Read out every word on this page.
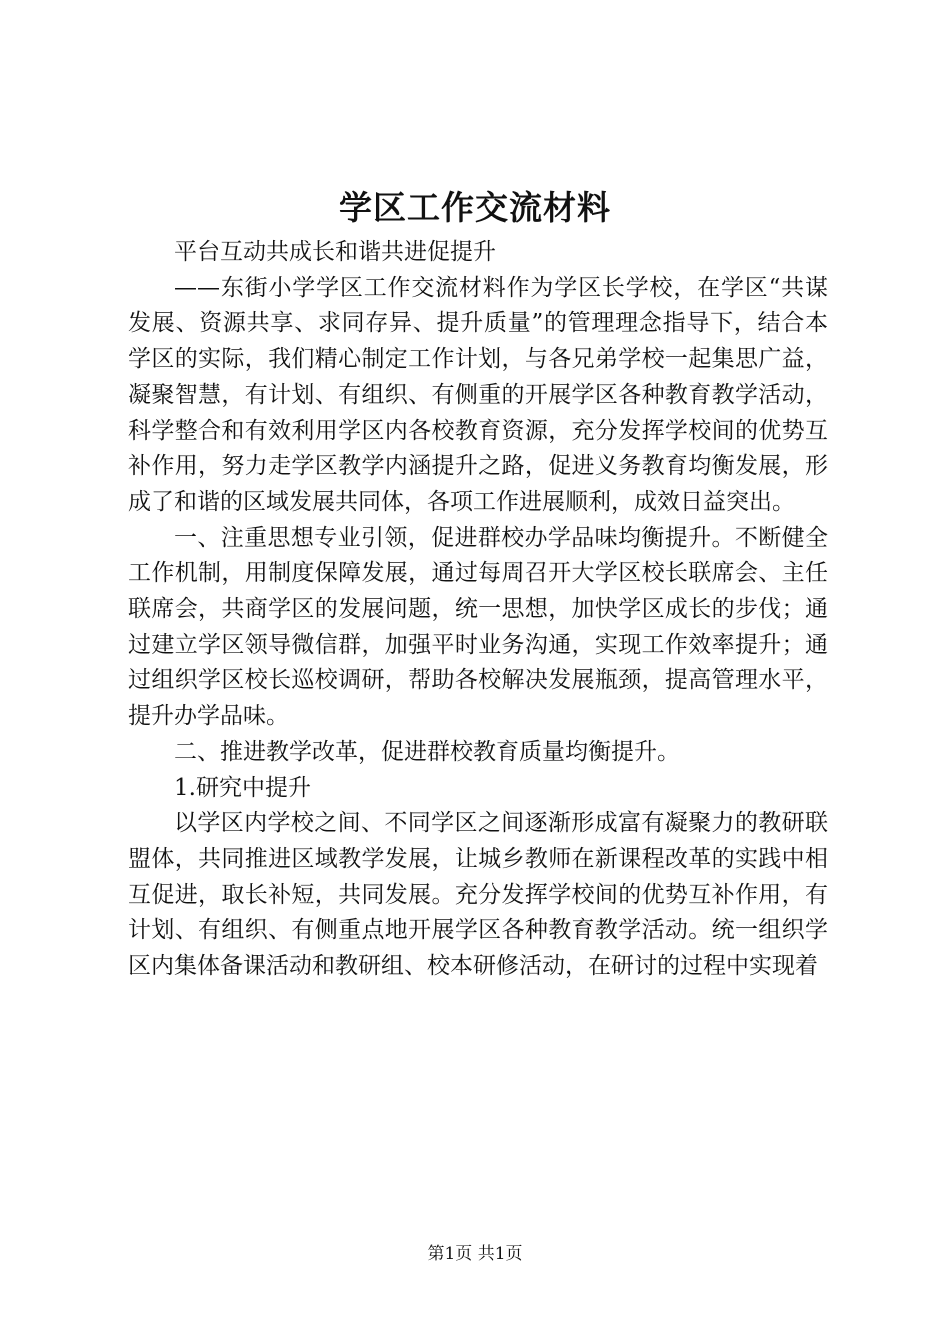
学区工作交流材料

平台互动共成长和谐共进促提升

——东街小学学区工作交流材料作为学区长学校，在学区“共谋发展、资源共享、求同存异、提升质量”的管理理念指导下，结合本学区的实际，我们精心制定工作计划，与各兄弟学校一起集思广益，凝聚智慧，有计划、有组织、有侧重的开展学区各种教育教学活动，科学整合和有效利用学区内各校教育资源，充分发挥学校间的优势互补作用，努力走学区教学内涵提升之路，促进义务教育均衡发展，形成了和谐的区域发展共同体，各项工作进展顺利，成效日益突出。

一、注重思想专业引领，促进群校办学品味均衡提升。不断健全工作机制，用制度保障发展，通过每周召开大学区校长联席会、主任联席会，共商学区的发展问题，统一思想，加快学区成长的步伐；通过建立学区领导微信群，加强平时业务沟通，实现工作效率提升；通过组织学区校长巡校调研，帮助各校解决发展瓶颈，提高管理水平，提升办学品味。

二、推进教学改革，促进群校教育质量均衡提升。

1.研究中提升

以学区内学校之间、不同学区之间逐渐形成富有凝聚力的教研联盟体，共同推进区域教学发展，让城乡教师在新课程改革的实践中相互促进，取长补短，共同发展。充分发挥学校间的优势互补作用，有计划、有组织、有侧重点地开展学区各种教育教学活动。统一组织学区内集体备课活动和教研组、校本研修活动，在研讨的过程中实现着

第1页 共1页
